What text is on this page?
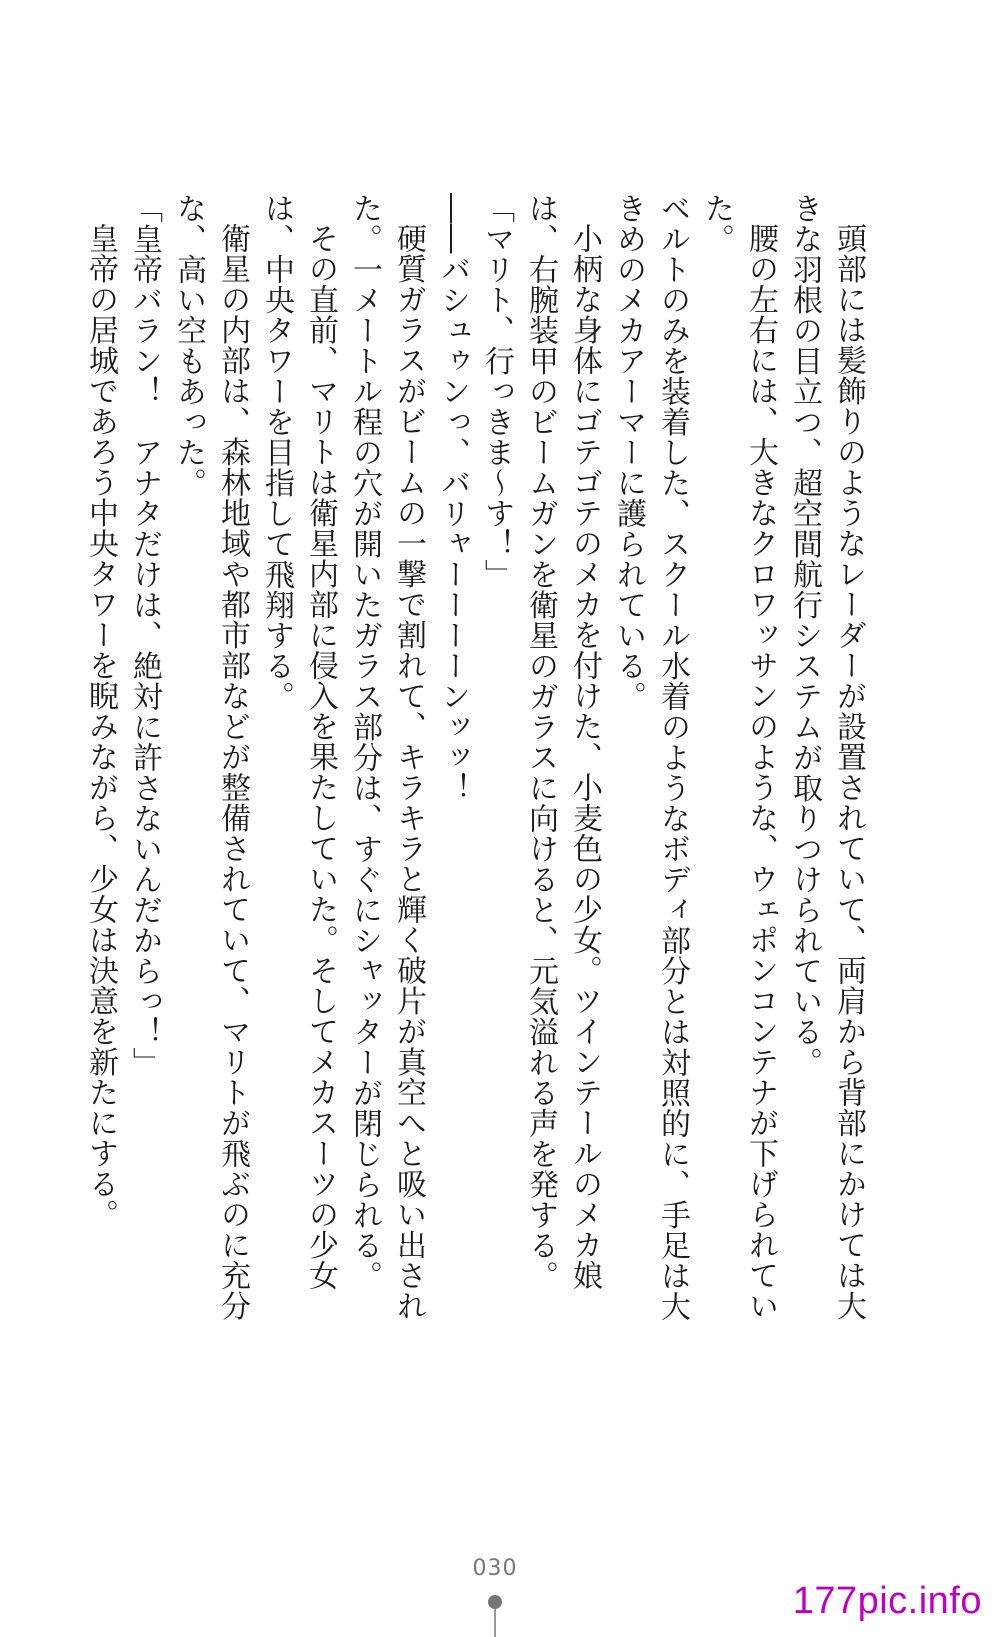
頭部には髪飾りのようなレーダーが設置されていて、両肩から背部にかけては大きな羽根の目立つ、超空間航行システムが取りつけられている。

腰の左右には、大きなクロワッサンのような、ウェポンコンテナが下げられていた。

ベルトのみを装着した、スクール水着のようなボディ部分とは対照的に、手足は大きめのメカアーマーに護られている。

小柄な身体にゴテゴテのメカを付けた、小麦色の少女。ツインテールのメカ娘は、右腕装甲のビームガンを衛星のガラスに向けると、元気溢れる声を発する。

「マリト、行っきま～す！」

――バシュゥンっ、バリャーーーーンッッ！

硬質ガラスがビームの一撃で割れて、キラキラと輝く破片が真空へと吸い出された。一メートル程の穴が開いたガラス部分は、すぐにシャッターが閉じられる。

その直前、マリトは衛星内部に侵入を果たしていた。そしてメカスーツの少女は、中央タワーを目指して飛翔する。

衛星の内部は、森林地域や都市部などが整備されていて、マリトが飛ぶのに充分な、高い空もあった。

「皇帝バラン！　アナタだけは、絶対に許さないんだからっ！」

皇帝の居城であろう中央タワーを睨みながら、少女は決意を新たにする。

030
177pic.info
